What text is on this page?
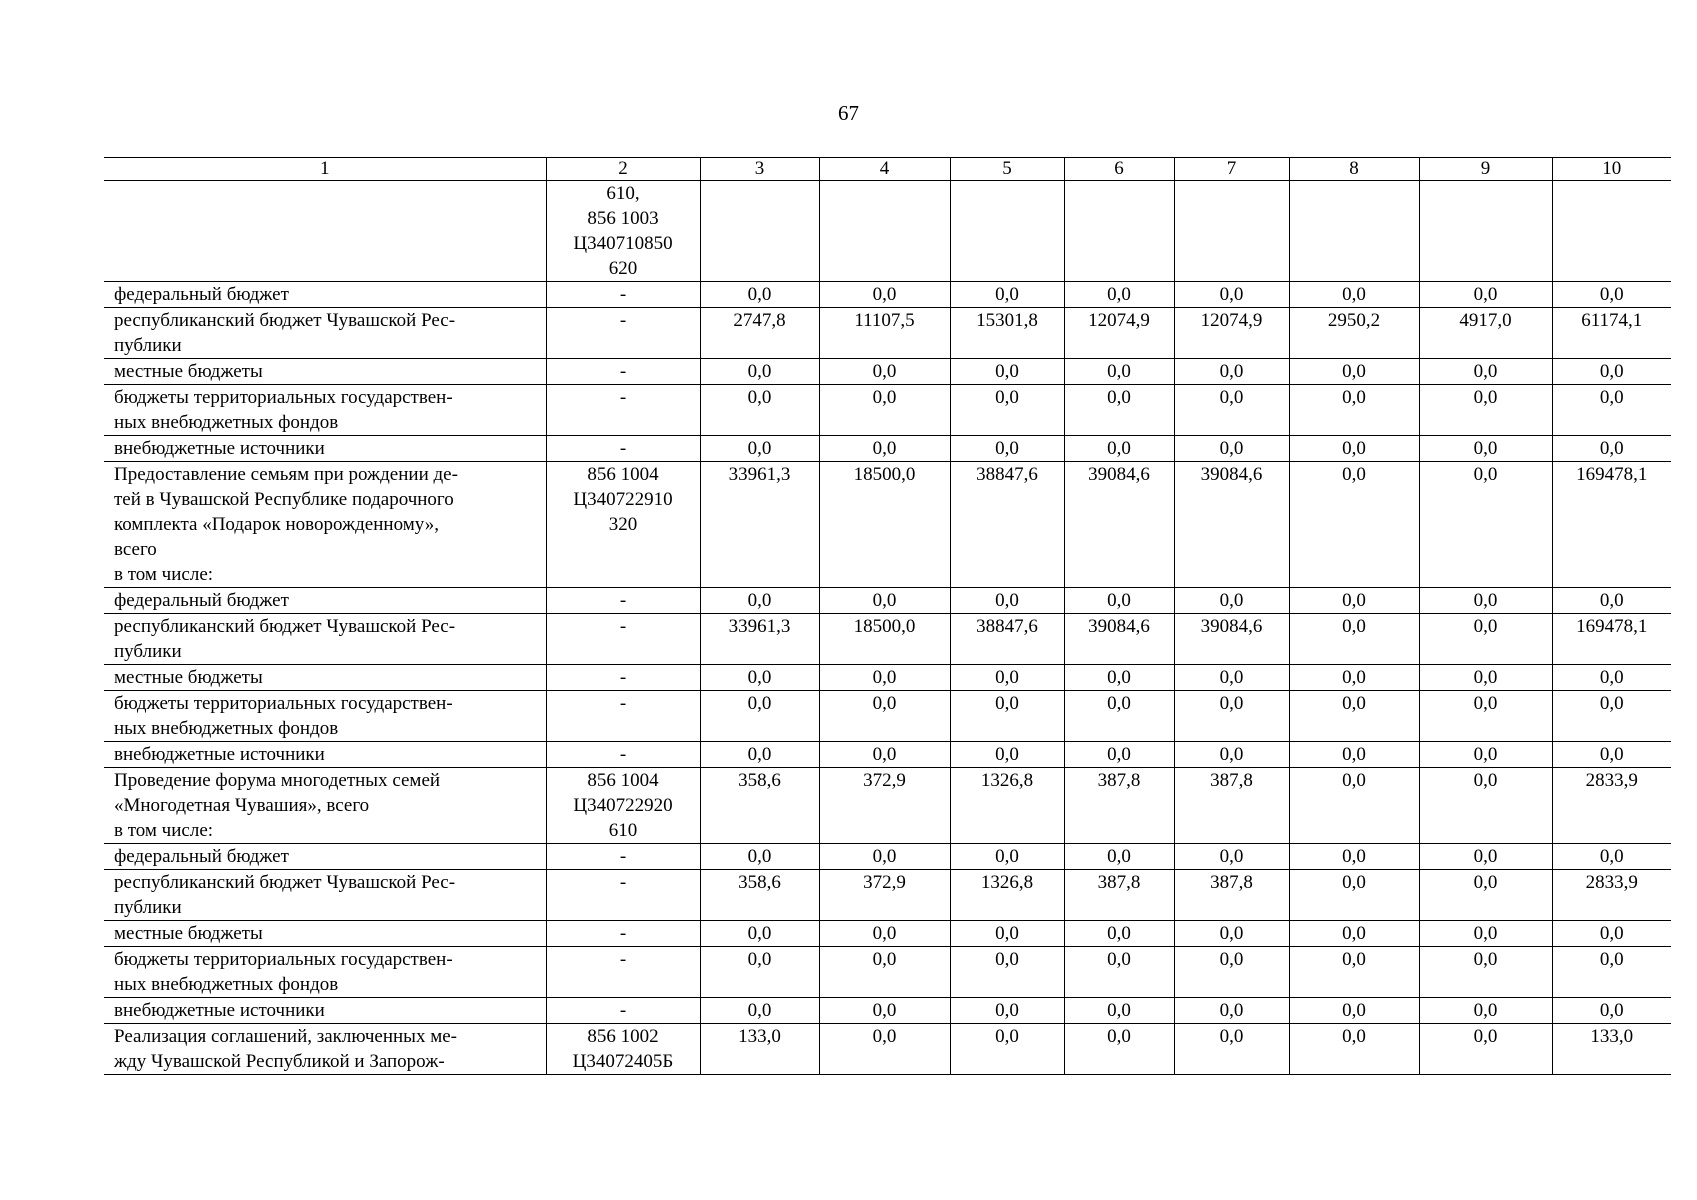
67
1	2	3	4	5	6	7	8	9	10
	610,
856 1003
Ц340710850
620								
федеральный бюджет	-	0,0	0,0	0,0	0,0	0,0	0,0	0,0	0,0
республиканский бюджет Чувашской Рес-
публики	-	2747,8	11107,5	15301,8	12074,9	12074,9	2950,2	4917,0	61174,1
местные бюджеты	-	0,0	0,0	0,0	0,0	0,0	0,0	0,0	0,0
бюджеты территориальных государствен-
ных внебюджетных фондов	-	0,0	0,0	0,0	0,0	0,0	0,0	0,0	0,0
внебюджетные источники	-	0,0	0,0	0,0	0,0	0,0	0,0	0,0	0,0
Предоставление семьям при рождении де-
тей в Чувашской Республике подарочного
комплекта «Подарок новорожденному»,
всего
в том числе:	856 1004
Ц340722910
320	33961,3	18500,0	38847,6	39084,6	39084,6	0,0	0,0	169478,1
федеральный бюджет	-	0,0	0,0	0,0	0,0	0,0	0,0	0,0	0,0
республиканский бюджет Чувашской Рес-
публики	-	33961,3	18500,0	38847,6	39084,6	39084,6	0,0	0,0	169478,1
местные бюджеты	-	0,0	0,0	0,0	0,0	0,0	0,0	0,0	0,0
бюджеты территориальных государствен-
ных внебюджетных фондов	-	0,0	0,0	0,0	0,0	0,0	0,0	0,0	0,0
внебюджетные источники	-	0,0	0,0	0,0	0,0	0,0	0,0	0,0	0,0
Проведение форума многодетных семей
«Многодетная Чувашия», всего
в том числе:	856 1004
Ц340722920
610	358,6	372,9	1326,8	387,8	387,8	0,0	0,0	2833,9
федеральный бюджет	-	0,0	0,0	0,0	0,0	0,0	0,0	0,0	0,0
республиканский бюджет Чувашской Рес-
публики	-	358,6	372,9	1326,8	387,8	387,8	0,0	0,0	2833,9
местные бюджеты	-	0,0	0,0	0,0	0,0	0,0	0,0	0,0	0,0
бюджеты территориальных государствен-
ных внебюджетных фондов	-	0,0	0,0	0,0	0,0	0,0	0,0	0,0	0,0
внебюджетные источники	-	0,0	0,0	0,0	0,0	0,0	0,0	0,0	0,0
Реализация соглашений, заключенных ме-
жду Чувашской Республикой и Запорож-	856 1002
Ц34072405Б	133,0	0,0	0,0	0,0	0,0	0,0	0,0	133,0
